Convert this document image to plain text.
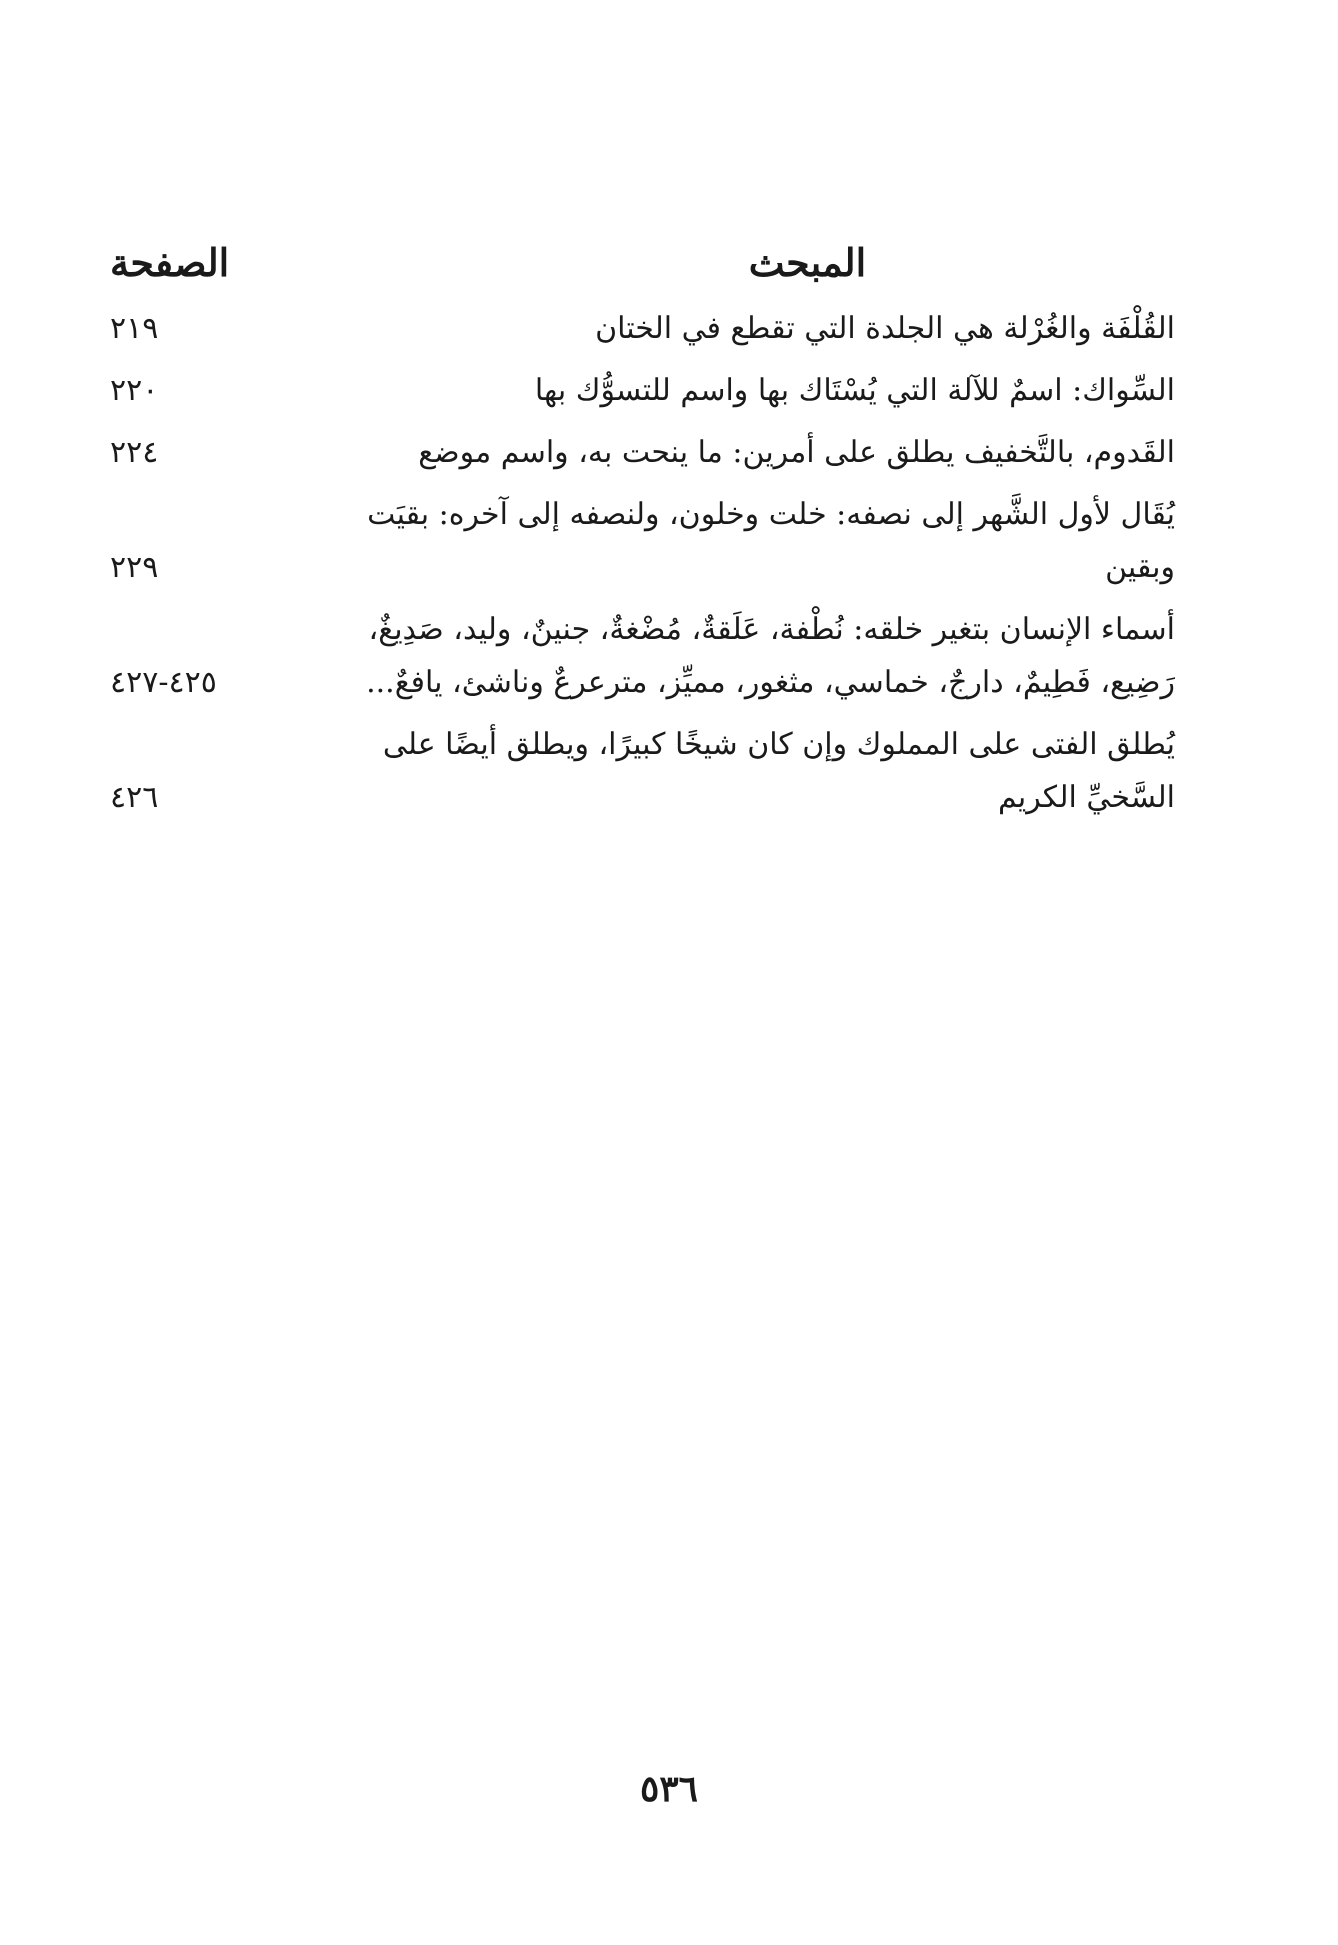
المبحث
الصفحة
القُلْفَة والغُرْلة هي الجلدة التي تقطع في الختان
٢١٩
السِّواك: اسمٌ للآلة التي يُسْتَاك بها واسم للتسوُّك بها
٢٢٠
القَدوم، بالتَّخفيف يطلق على أمرين: ما ينحت به، واسم موضع
٢٢٤
يُقَال لأول الشَّهر إلى نصفه: خلت وخلون، ولنصفه إلى آخره: بقيَت وبقين
٢٢٩
أسماء الإنسان بتغير خلقه: نُطْفة، عَلَقةٌ، مُضْغةٌ، جنينٌ، وليد، صَدِيغٌ، رَضِيع، فَطِيمٌ، دارجٌ، خماسي، مثغور، مميِّز، مترعرعٌ وناشئ، يافعٌ...
٤٢٥-٤٢٧
يُطلق الفتى على المملوك وإن كان شيخًا كبيرًا، ويطلق أيضًا على السَّخيِّ الكريم
٤٢٦
٥٣٦
